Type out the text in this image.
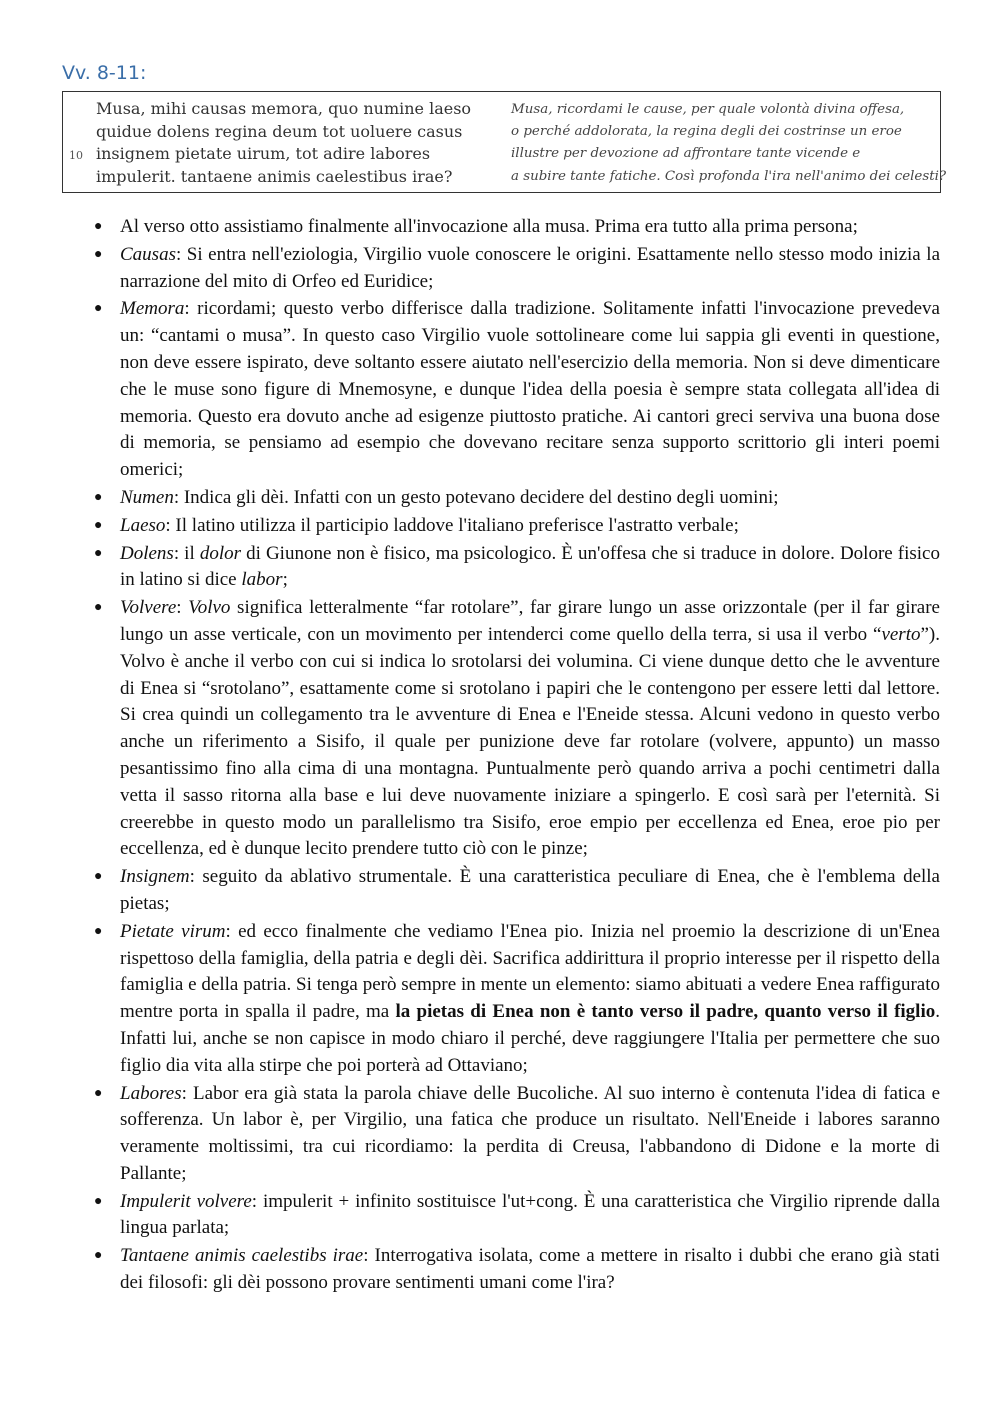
Vv. 8-11:
10
Musa, mihi causas memora, quo numine laeso
quidue dolens regina deum tot uoluere casus
insignem pietate uirum, tot adire labores
impulerit. tantaene animis caelestibus irae?
Musa, ricordami le cause, per quale volontà divina offesa,
o perché addolorata, la regina degli dei costrinse un eroe
illustre per devozione ad affrontare tante vicende e
a subire tante fatiche. Così profonda l'ira nell'animo dei celesti?
● Al verso otto assistiamo finalmente all'invocazione alla musa. Prima era tutto alla prima persona;
● Causas: Si entra nell'eziologia, Virgilio vuole conoscere le origini. Esattamente nello stesso modo inizia la narrazione del mito di Orfeo ed Euridice;
● Memora: ricordami; questo verbo differisce dalla tradizione. Solitamente infatti l'invocazione prevedeva un: “cantami o musa”. In questo caso Virgilio vuole sottolineare come lui sappia gli eventi in questione, non deve essere ispirato, deve soltanto essere aiutato nell'esercizio della memoria. Non si deve dimenticare che le muse sono figure di Mnemosyne, e dunque l'idea della poesia è sempre stata collegata all'idea di memoria. Questo era dovuto anche ad esigenze piuttosto pratiche. Ai cantori greci serviva una buona dose di memoria, se pensiamo ad esempio che dovevano recitare senza supporto scrittorio gli interi poemi omerici;
● Numen: Indica gli dèi. Infatti con un gesto potevano decidere del destino degli uomini;
● Laeso: Il latino utilizza il participio laddove l'italiano preferisce l'astratto verbale;
● Dolens: il dolor di Giunone non è fisico, ma psicologico. È un'offesa che si traduce in dolore. Dolore fisico in latino si dice labor;
● Volvere: Volvo significa letteralmente “far rotolare”, far girare lungo un asse orizzontale (per il far girare lungo un asse verticale, con un movimento per intenderci come quello della terra, si usa il verbo “verto”). Volvo è anche il verbo con cui si indica lo srotolarsi dei volumina. Ci viene dunque detto che le avventure di Enea si “srotolano”, esattamente come si srotolano i papiri che le contengono per essere letti dal lettore. Si crea quindi un collegamento tra le avventure di Enea e l'Eneide stessa. Alcuni vedono in questo verbo anche un riferimento a Sisifo, il quale per punizione deve far rotolare (volvere, appunto) un masso pesantissimo fino alla cima di una montagna. Puntualmente però quando arriva a pochi centimetri dalla vetta il sasso ritorna alla base e lui deve nuovamente iniziare a spingerlo. E così sarà per l'eternità. Si creerebbe in questo modo un parallelismo tra Sisifo, eroe empio per eccellenza ed Enea, eroe pio per eccellenza, ed è dunque lecito prendere tutto ciò con le pinze;
● Insignem: seguito da ablativo strumentale. È una caratteristica peculiare di Enea, che è l'emblema della pietas;
● Pietate virum: ed ecco finalmente che vediamo l'Enea pio. Inizia nel proemio la descrizione di un'Enea rispettoso della famiglia, della patria e degli dèi. Sacrifica addirittura il proprio interesse per il rispetto della famiglia e della patria. Si tenga però sempre in mente un elemento: siamo abituati a vedere Enea raffigurato mentre porta in spalla il padre, ma la pietas di Enea non è tanto verso il padre, quanto verso il figlio. Infatti lui, anche se non capisce in modo chiaro il perché, deve raggiungere l'Italia per permettere che suo figlio dia vita alla stirpe che poi porterà ad Ottaviano;
● Labores: Labor era già stata la parola chiave delle Bucoliche. Al suo interno è contenuta l'idea di fatica e sofferenza. Un labor è, per Virgilio, una fatica che produce un risultato. Nell'Eneide i labores saranno veramente moltissimi, tra cui ricordiamo: la perdita di Creusa, l'abbandono di Didone e la morte di Pallante;
● Impulerit volvere: impulerit + infinito sostituisce l'ut+cong. È una caratteristica che Virgilio riprende dalla lingua parlata;
● Tantaene animis caelestibs irae: Interrogativa isolata, come a mettere in risalto i dubbi che erano già stati dei filosofi: gli dèi possono provare sentimenti umani come l'ira?
